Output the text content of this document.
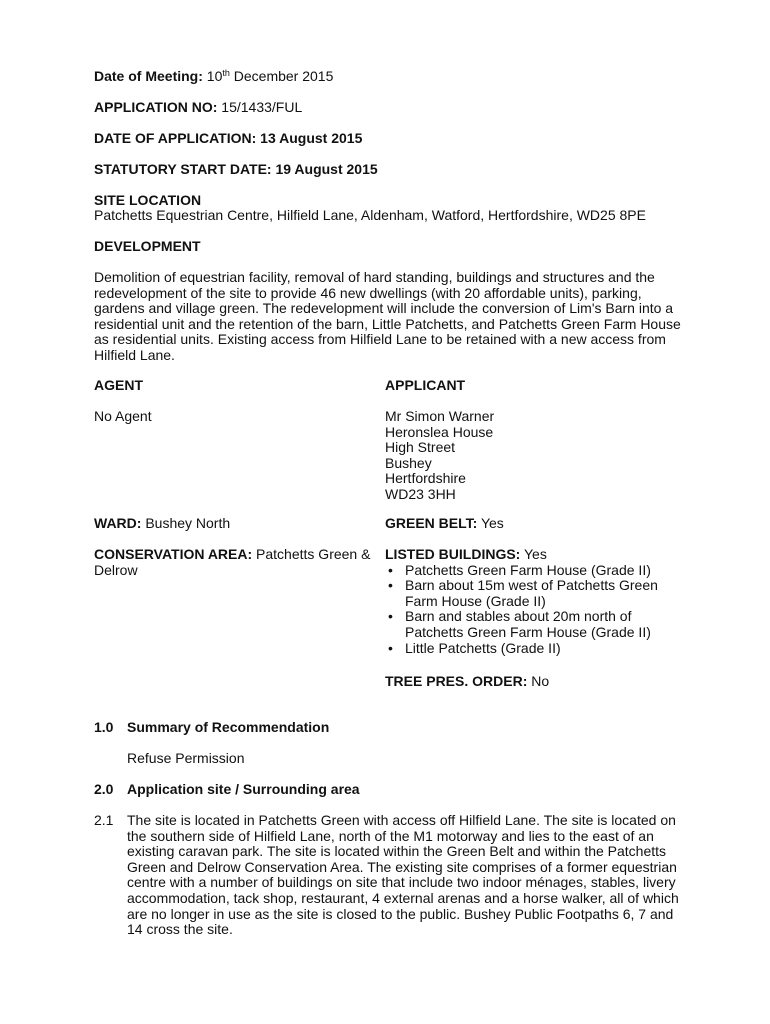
Date of Meeting: 10th December 2015
APPLICATION NO: 15/1433/FUL
DATE OF APPLICATION: 13 August 2015
STATUTORY START DATE: 19 August 2015
SITE LOCATION
Patchetts Equestrian Centre, Hilfield Lane, Aldenham, Watford, Hertfordshire, WD25 8PE
DEVELOPMENT
Demolition of equestrian facility, removal of hard standing, buildings and structures and the redevelopment of the site to provide 46 new dwellings (with 20 affordable units), parking, gardens and village green. The redevelopment will include the conversion of Lim's Barn into a residential unit and the retention of the barn, Little Patchetts, and Patchetts Green Farm House as residential units. Existing access from Hilfield Lane to be retained with a new access from Hilfield Lane.
AGENT	APPLICANT
No Agent	Mr Simon Warner
Heronslea House
High Street
Bushey
Hertfordshire
WD23 3HH
WARD: Bushey North	GREEN BELT: Yes
CONSERVATION AREA: Patchetts Green & Delrow
LISTED BUILDINGS: Yes
• Patchetts Green Farm House (Grade II)
• Barn about 15m west of Patchetts Green Farm House (Grade II)
• Barn and stables about 20m north of Patchetts Green Farm House (Grade II)
• Little Patchetts (Grade II)
TREE PRES. ORDER: No
1.0 Summary of Recommendation
Refuse Permission
2.0 Application site / Surrounding area
2.1 The site is located in Patchetts Green with access off Hilfield Lane. The site is located on the southern side of Hilfield Lane, north of the M1 motorway and lies to the east of an existing caravan park. The site is located within the Green Belt and within the Patchetts Green and Delrow Conservation Area. The existing site comprises of a former equestrian centre with a number of buildings on site that include two indoor ménages, stables, livery accommodation, tack shop, restaurant, 4 external arenas and a horse walker, all of which are no longer in use as the site is closed to the public. Bushey Public Footpaths 6, 7 and 14 cross the site.
